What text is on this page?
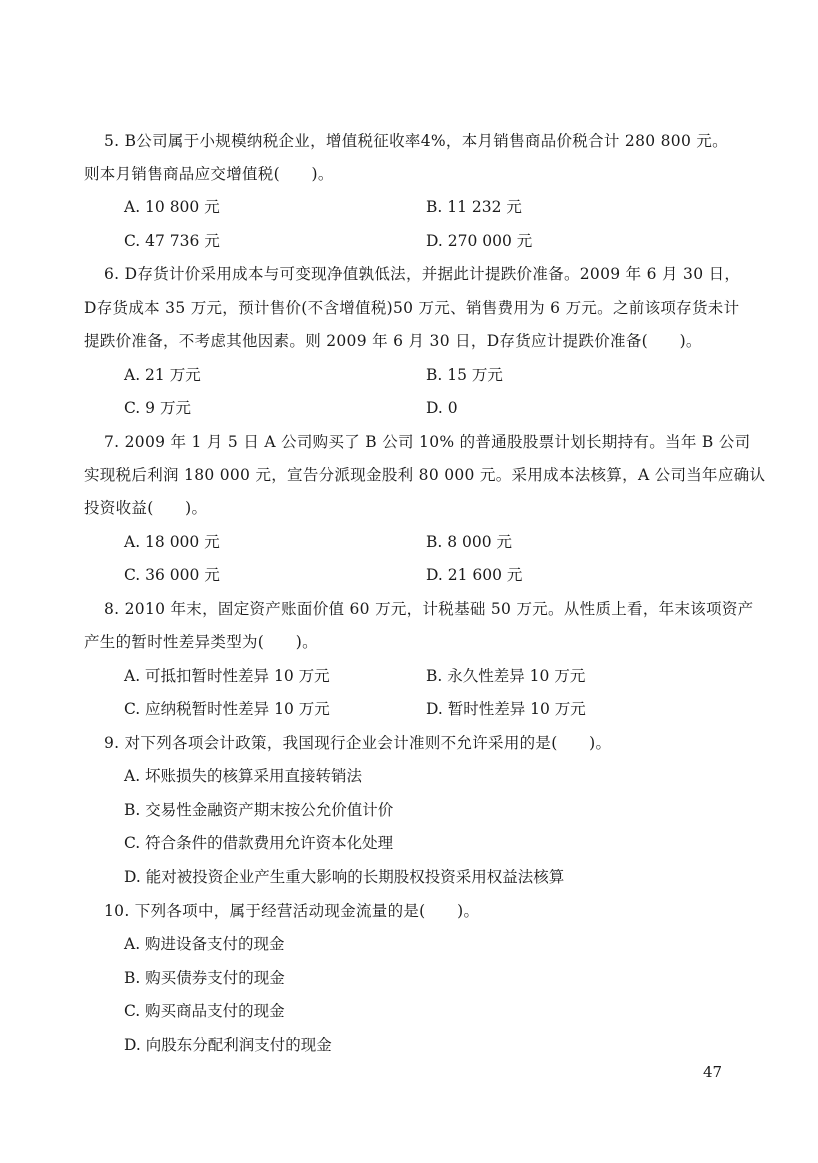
5. B公司属于小规模纳税企业，增值税征收率4%，本月销售商品价税合计 280 800 元。
则本月销售商品应交增值税(　　)。
A. 10 800 元	B. 11 232 元
C. 47 736 元	D. 270 000 元
6. D存货计价采用成本与可变现净值孰低法，并据此计提跌价准备。2009 年 6 月 30 日，
D存货成本 35 万元，预计售价(不含增值税)50 万元、销售费用为 6 万元。之前该项存货未计
提跌价准备，不考虑其他因素。则 2009 年 6 月 30 日，D存货应计提跌价准备(　　)。
A. 21 万元	B. 15 万元
C. 9 万元	D. 0
7. 2009 年 1 月 5 日 A 公司购买了 B 公司 10% 的普通股股票计划长期持有。当年 B 公司
实现税后利润 180 000 元，宣告分派现金股利 80 000 元。采用成本法核算，A 公司当年应确认
投资收益(　　)。
A. 18 000 元	B. 8 000 元
C. 36 000 元	D. 21 600 元
8. 2010 年末，固定资产账面价值 60 万元，计税基础 50 万元。从性质上看，年末该项资产
产生的暂时性差异类型为(　　)。
A. 可抵扣暂时性差异 10 万元	B. 永久性差异 10 万元
C. 应纳税暂时性差异 10 万元	D. 暂时性差异 10 万元
9. 对下列各项会计政策，我国现行企业会计准则不允许采用的是(　　)。
A. 坏账损失的核算采用直接转销法
B. 交易性金融资产期末按公允价值计价
C. 符合条件的借款费用允许资本化处理
D. 能对被投资企业产生重大影响的长期股权投资采用权益法核算
10. 下列各项中，属于经营活动现金流量的是(　　)。
A. 购进设备支付的现金
B. 购买债券支付的现金
C. 购买商品支付的现金
D. 向股东分配利润支付的现金
47
